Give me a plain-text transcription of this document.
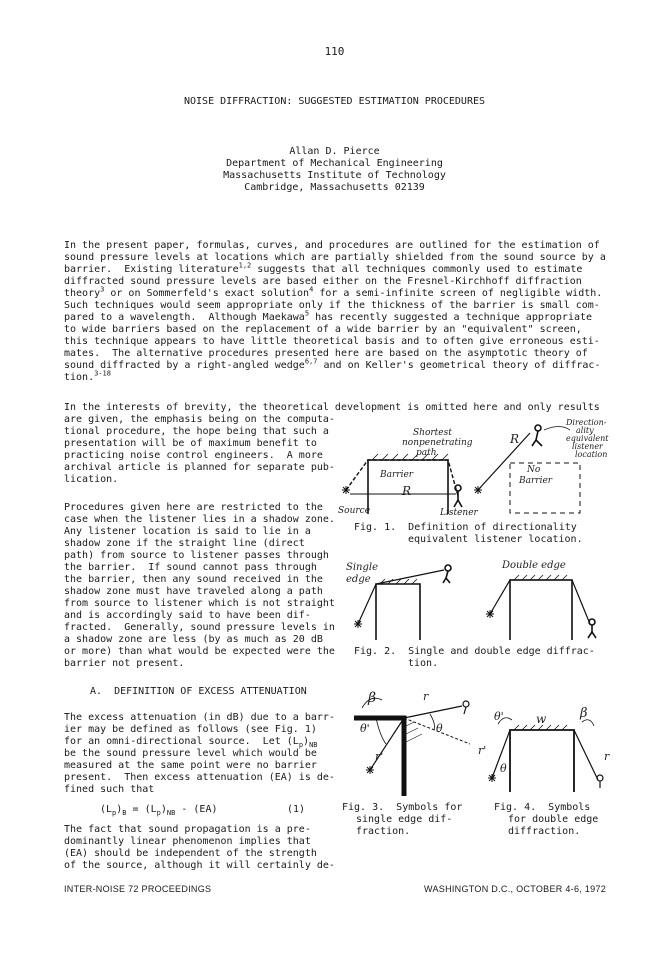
110
NOISE DIFFRACTION: SUGGESTED ESTIMATION PROCEDURES
Allan D. Pierce
Department of Mechanical Engineering
Massachusetts Institute of Technology
Cambridge, Massachusetts 02139
In the present paper, formulas, curves, and procedures are outlined for the estimation of
sound pressure levels at locations which are partially shielded from the sound source by a
barrier.  Existing literature$^{1,2}$ suggests that all techniques commonly used to estimate
diffracted sound pressure levels are based either on the Fresnel-Kirchhoff diffraction
theory$^3$ or on Sommerfeld's exact solution$^4$ for a semi-infinite screen of negligible width.
Such techniques would seem appropriate only if the thickness of the barrier is small com-
pared to a wavelength.  Although Maekawa$^5$ has recently suggested a technique appropriate
to wide barriers based on the replacement of a wide barrier by an "equivalent" screen,
this technique appears to have little theoretical basis and to often give erroneous esti-
mates.  The alternative procedures presented here are based on the asymptotic theory of
sound diffracted by a right-angled wedge$^{6,7}$ and on Keller's geometrical theory of diffrac-
tion.$^{3-18}$
In the interests of brevity, the theoretical development is omitted here and only results
are given, the emphasis being on the computa-
tional procedure, the hope being that such a
presentation will be of maximum benefit to
practicing noise control engineers.  A more
archival article is planned for separate pub-
lication.
Procedures given here are restricted to the
case when the listener lies in a shadow zone.
Any listener location is said to lie in a
shadow zone if the straight line (direct
path) from source to listener passes through
the barrier.  If sound cannot pass through
the barrier, then any sound received in the
shadow zone must have traveled along a path
from source to listener which is not straight
and is accordingly said to have been dif-
fracted.  Generally, sound pressure levels in
a shadow zone are less (by as much as 20 dB
or more) than what would be expected were the
barrier not present.
A.  DEFINITION OF EXCESS ATTENUATION
The excess attenuation (in dB) due to a barr-
ier may be defined as follows (see Fig. 1)
for an omni-directional source.  Let $(L_p)_{NB}$
be the sound pressure level which would be
measured at the same point were no barrier
present.  Then excess attenuation (EA) is de-
fined such that
$(L_p)_B = (L_p)_{NB} - (EA)$	(1)
The fact that sound propagation is a pre-
dominantly linear phenomenon implies that
(EA) should be independent of the strength
of the source, although it will certainly de-
Shortest
nonpenetrating
path
Barrier
R
Source	Listener
R
No
Barrier
Direction-
ality
equivalent
listener
location
Fig. 1.  Definition of directionality
equivalent listener location.
Single
edge
Double edge
Fig. 2.  Single and double edge diffrac-
tion.
β	r
r'
θ
θ'
Fig. 3.  Symbols for
single edge dif-
fraction.
θ'	w	β
θ
r'	r
Fig. 4.  Symbols
for double edge
diffraction.
INTER-NOISE 72 PROCEEDINGS	WASHINGTON D.C., OCTOBER 4-6, 1972
